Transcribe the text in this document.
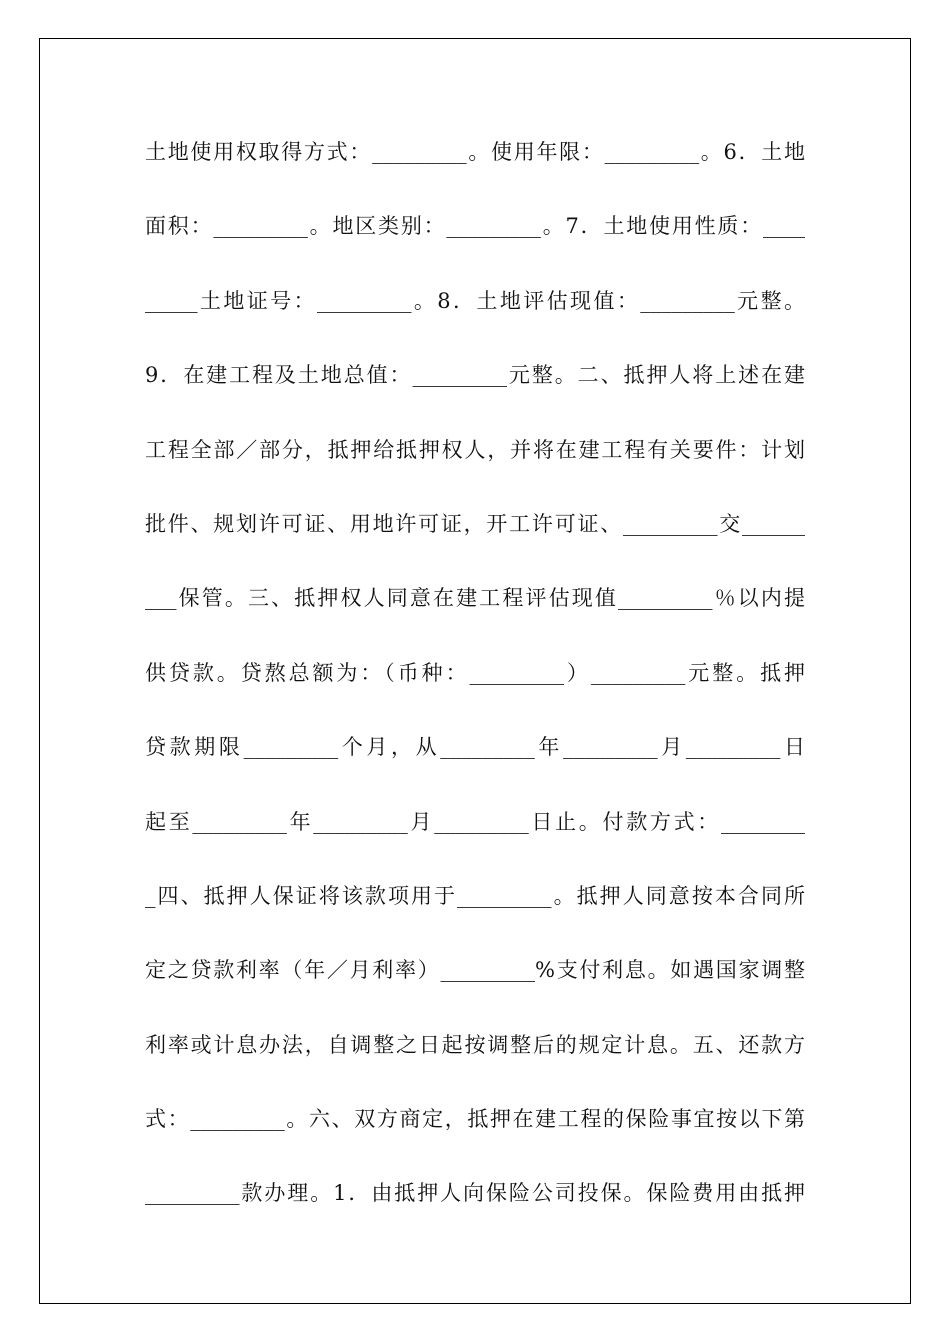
土地使用权取得方式：_________。使用年限：_________。6．土地
面积：_________。地区类别：_________。7．土地使用性质：____
_____土地证号：_________。8．土地评估现值：_________元整。
9．在建工程及土地总值：_________元整。二、抵押人将上述在建
工程全部／部分，抵押给抵押权人，并将在建工程有关要件：计划
批件、规划许可证、用地许可证，开工许可证、_________交______
___保管。三、抵押权人同意在建工程评估现值_________％以内提
供贷款。贷熬总额为：（币种：_________）_________元整。抵押
贷款期限_________个月，从_________年_________月_________日
起至_________年_________月_________日止。付款方式：________
_四、抵押人保证将该款项用于_________。抵押人同意按本合同所
定之贷款利率（年／月利率）_________%支付利息。如遇国家调整
利率或计息办法，自调整之日起按调整后的规定计息。五、还款方
式：_________。六、双方商定，抵押在建工程的保险事宜按以下第
_________款办理。1．由抵押人向保险公司投保。保险费用由抵押
